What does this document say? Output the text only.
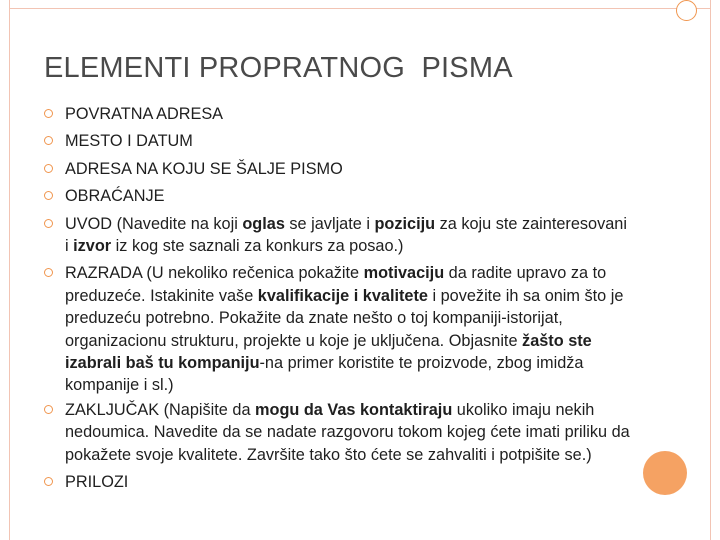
ELEMENTI PROPRATNOG  PISMA
POVRATNA ADRESA
MESTO I DATUM
ADRESA NA KOJU SE ŠALJE PISMO
OBRAĆANJE
UVOD (Navedite na koji oglas se javljate i poziciju za koju ste zainteresovani i izvor iz kog ste saznali za konkurs za posao.)
RAZRADA (U nekoliko rečenica pokažite motivaciju da radite upravo za to preduzeće. Istakinite vaše kvalifikacije i kvalitete i povežite ih sa onim što je preduzeću potrebno. Pokažite da znate nešto o toj kompaniji-istorijat, organizacionu strukturu, projekte u koje je uključena. Objasnite žašto ste izabrali baš tu kompaniju-na primer koristite te proizvode, zbog imidža kompanije i sl.)
ZAKLJUČAK (Napišite da mogu da Vas kontaktiraju ukoliko imaju nekih nedoumica. Navedite da se nadate razgovoru tokom kojeg ćete imati priliku da pokažete svoje kvalitete. Završite tako što ćete se zahvaliti i potpišite se.)
PRILOZI
